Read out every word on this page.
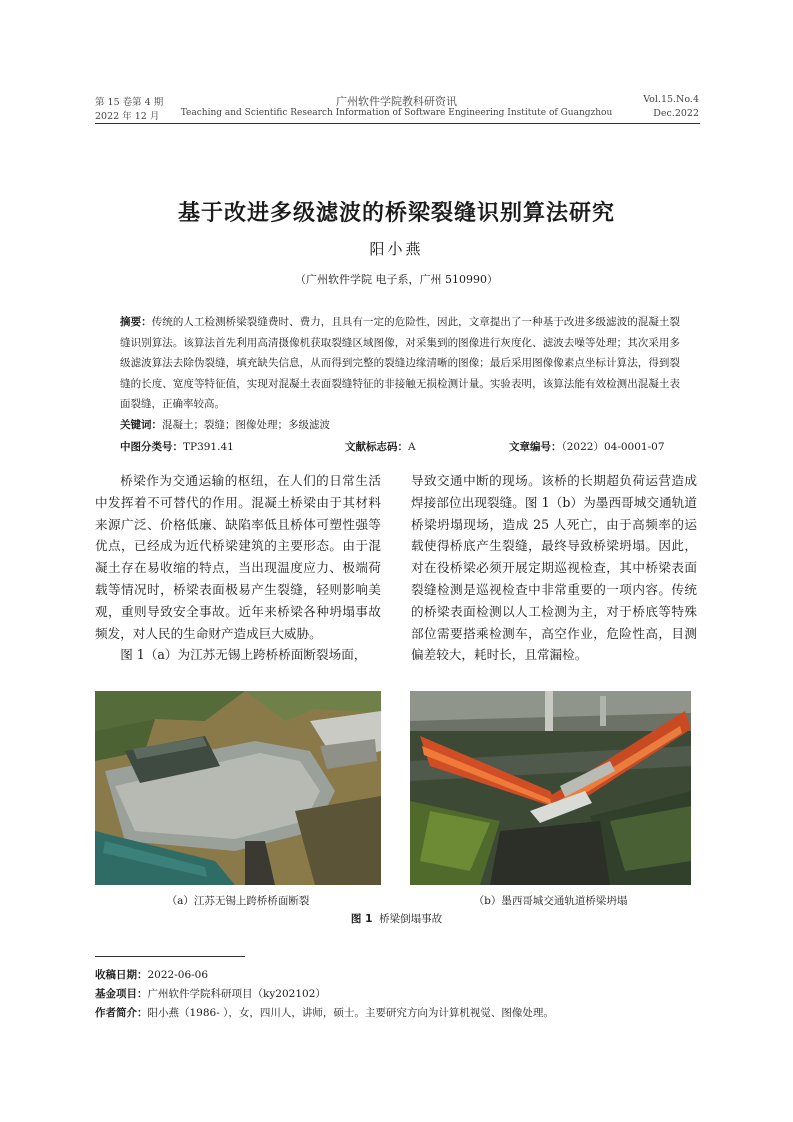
第 15 卷第 4 期
2022 年 12 月
广州软件学院教科研资讯
Teaching and Scientific Research Information of Software Engineering Institute of Guangzhou
Vol.15.No.4
Dec.2022
基于改进多级滤波的桥梁裂缝识别算法研究
阳小燕
（广州软件学院 电子系，广州 510990）
摘要：传统的人工检测桥梁裂缝费时、费力，且具有一定的危险性，因此，文章提出了一种基于改进多级滤波的混凝土裂缝识别算法。该算法首先利用高清摄像机获取裂缝区域图像，对采集到的图像进行灰度化、滤波去噪等处理；其次采用多级滤波算法去除伪裂缝，填充缺失信息，从而得到完整的裂缝边缘清晰的图像；最后采用图像像素点坐标计算法，得到裂缝的长度、宽度等特征值，实现对混凝土表面裂缝特征的非接触无损检测计量。实验表明，该算法能有效检测出混凝土表面裂缝，正确率较高。
关键词：混凝土；裂缝；图像处理；多级滤波
中图分类号：TP391.41	文献标志码：A	文章编号：（2022）04-0001-07

桥梁作为交通运输的枢纽，在人们的日常生活中发挥着不可替代的作用。混凝土桥梁由于其材料来源广泛、价格低廉、缺陷率低且桥体可塑性强等优点，已经成为近代桥梁建筑的主要形态。由于混凝土存在易收缩的特点，当出现温度应力、极端荷载等情况时，桥梁表面极易产生裂缝，轻则影响美观，重则导致安全事故。近年来桥梁各种坍塌事故频发，对人民的生命财产造成巨大威胁。

图 1（a）为江苏无锡上跨桥桥面断裂场面，

导致交通中断的现场。该桥的长期超负荷运营造成焊接部位出现裂缝。图 1（b）为墨西哥城交通轨道桥梁坍塌现场，造成 25 人死亡，由于高频率的运载使得桥底产生裂缝，最终导致桥梁坍塌。因此，对在役桥梁必须开展定期巡视检查，其中桥梁表面裂缝检测是巡视检查中非常重要的一项内容。传统的桥梁表面检测以人工检测为主，对于桥底等特殊部位需要搭乘检测车，高空作业，危险性高，目测偏差较大，耗时长，且常漏检。

（a）江苏无锡上跨桥桥面断裂	（b）墨西哥城交通轨道桥梁坍塌
图 1 桥梁倒塌事故
收稿日期：2022-06-06
基金项目：广州软件学院科研项目（ky202102）
作者简介：阳小燕（1986- ），女，四川人，讲师，硕士。主要研究方向为计算机视觉、图像处理。
